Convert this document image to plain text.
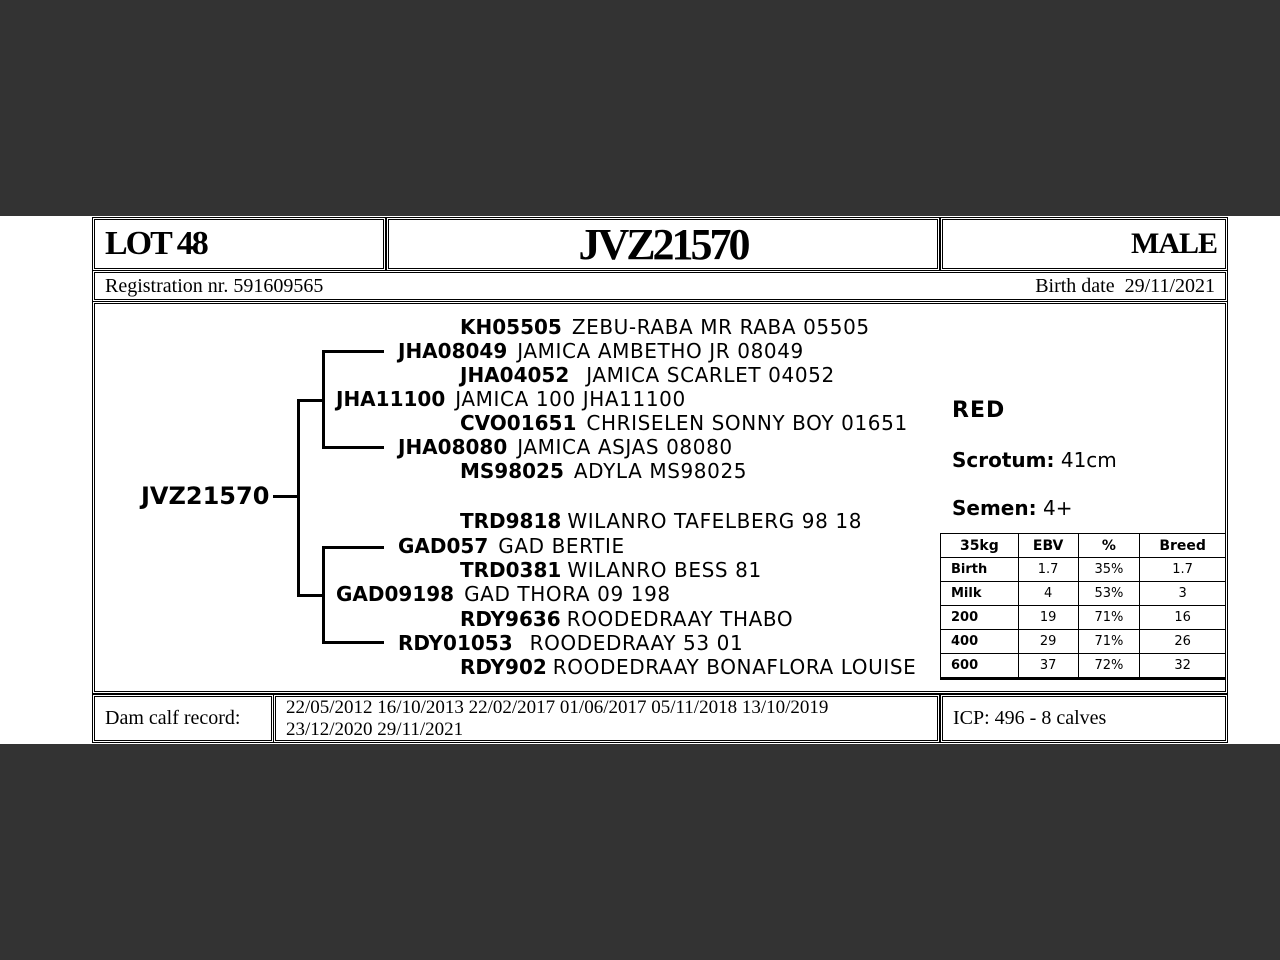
LOT 48	JVZ21570	MALE
Registration nr. 591609565	Birth date 29/11/2021
JVZ21570
KH05505 ZEBU-RABA MR RABA 05505
JHA08049 JAMICA AMBETHO JR 08049
JHA04052 JAMICA SCARLET 04052
JHA11100 JAMICA 100 JHA11100
CVO01651 CHRISELEN SONNY BOY 01651
JHA08080 JAMICA ASJAS 08080
MS98025 ADYLA MS98025
TRD9818 WILANRO TAFELBERG 98 18
GAD057 GAD BERTIE
TRD0381 WILANRO BESS 81
GAD09198 GAD THORA 09 198
RDY9636 ROODEDRAAY THABO
RDY01053 ROODEDRAAY 53 01
RDY902 ROODEDRAAY BONAFLORA LOUISE
RED
Scrotum: 41cm
Semen: 4+
35kg	EBV	%	Breed
Birth	1.7	35%	1.7
Milk	4	53%	3
200	19	71%	16
400	29	71%	26
600	37	72%	32
Dam calf record: 22/05/2012 16/10/2013 22/02/2017 01/06/2017 05/11/2018 13/10/2019
23/12/2020 29/11/2021
ICP: 496 - 8 calves
